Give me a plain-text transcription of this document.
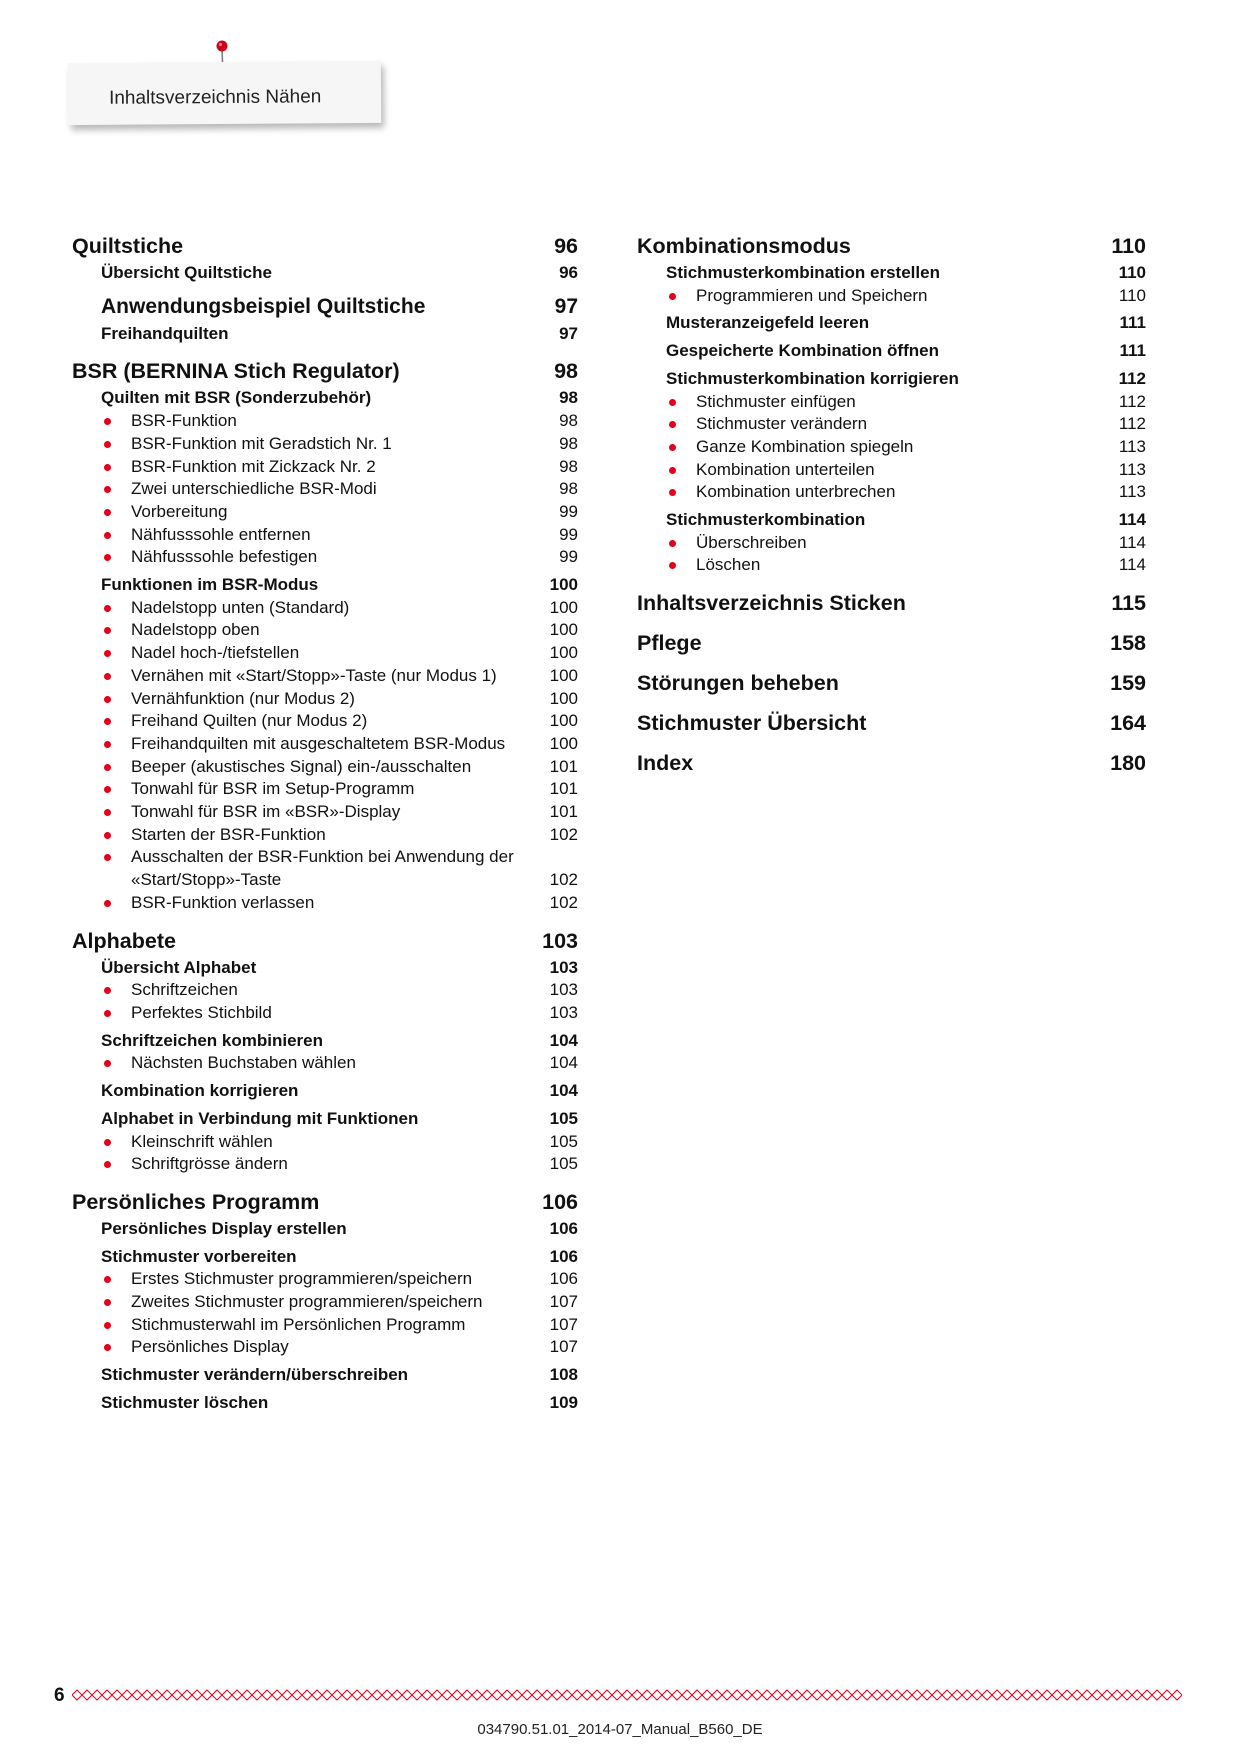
Inhaltsverzeichnis Nähen
Quiltstiche	96
Übersicht Quiltstiche	96
Anwendungsbeispiel Quiltstiche	97
Freihandquilten	97
BSR (BERNINA Stich Regulator)	98
Quilten mit BSR (Sonderzubehör)	98
BSR-Funktion	98
BSR-Funktion mit Geradstich Nr. 1	98
BSR-Funktion mit Zickzack Nr. 2	98
Zwei unterschiedliche BSR-Modi	98
Vorbereitung	99
Nähfusssohle entfernen	99
Nähfusssohle befestigen	99
Funktionen im BSR-Modus	100
Nadelstopp unten (Standard)	100
Nadelstopp oben	100
Nadel hoch-/tiefstellen	100
Vernähen mit «Start/Stopp»-Taste (nur Modus 1)	100
Vernähfunktion (nur Modus 2)	100
Freihand Quilten (nur Modus 2)	100
Freihandquilten mit ausgeschaltetem BSR-Modus	100
Beeper (akustisches Signal) ein-/ausschalten	101
Tonwahl für BSR im Setup-Programm	101
Tonwahl für BSR im «BSR»-Display	101
Starten der BSR-Funktion	102
Ausschalten der BSR-Funktion bei Anwendung der «Start/Stopp»-Taste	102
BSR-Funktion verlassen	102
Alphabete	103
Übersicht Alphabet	103
Schriftzeichen	103
Perfektes Stichbild	103
Schriftzeichen kombinieren	104
Nächsten Buchstaben wählen	104
Kombination korrigieren	104
Alphabet in Verbindung mit Funktionen	105
Kleinschrift wählen	105
Schriftgrösse ändern	105
Persönliches Programm	106
Persönliches Display erstellen	106
Stichmuster vorbereiten	106
Erstes Stichmuster programmieren/speichern	106
Zweites Stichmuster programmieren/speichern	107
Stichmusterwahl im Persönlichen Programm	107
Persönliches Display	107
Stichmuster verändern/überschreiben	108
Stichmuster löschen	109
Kombinationsmodus	110
Stichmusterkombination erstellen	110
Programmieren und Speichern	110
Musteranzeigefeld leeren	111
Gespeicherte Kombination öffnen	111
Stichmusterkombination korrigieren	112
Stichmuster einfügen	112
Stichmuster verändern	112
Ganze Kombination spiegeln	113
Kombination unterteilen	113
Kombination unterbrechen	113
Stichmusterkombination	114
Überschreiben	114
Löschen	114
Inhaltsverzeichnis Sticken	115
Pflege	158
Störungen beheben	159
Stichmuster Übersicht	164
Index	180
6
034790.51.01_2014-07_Manual_B560_DE
